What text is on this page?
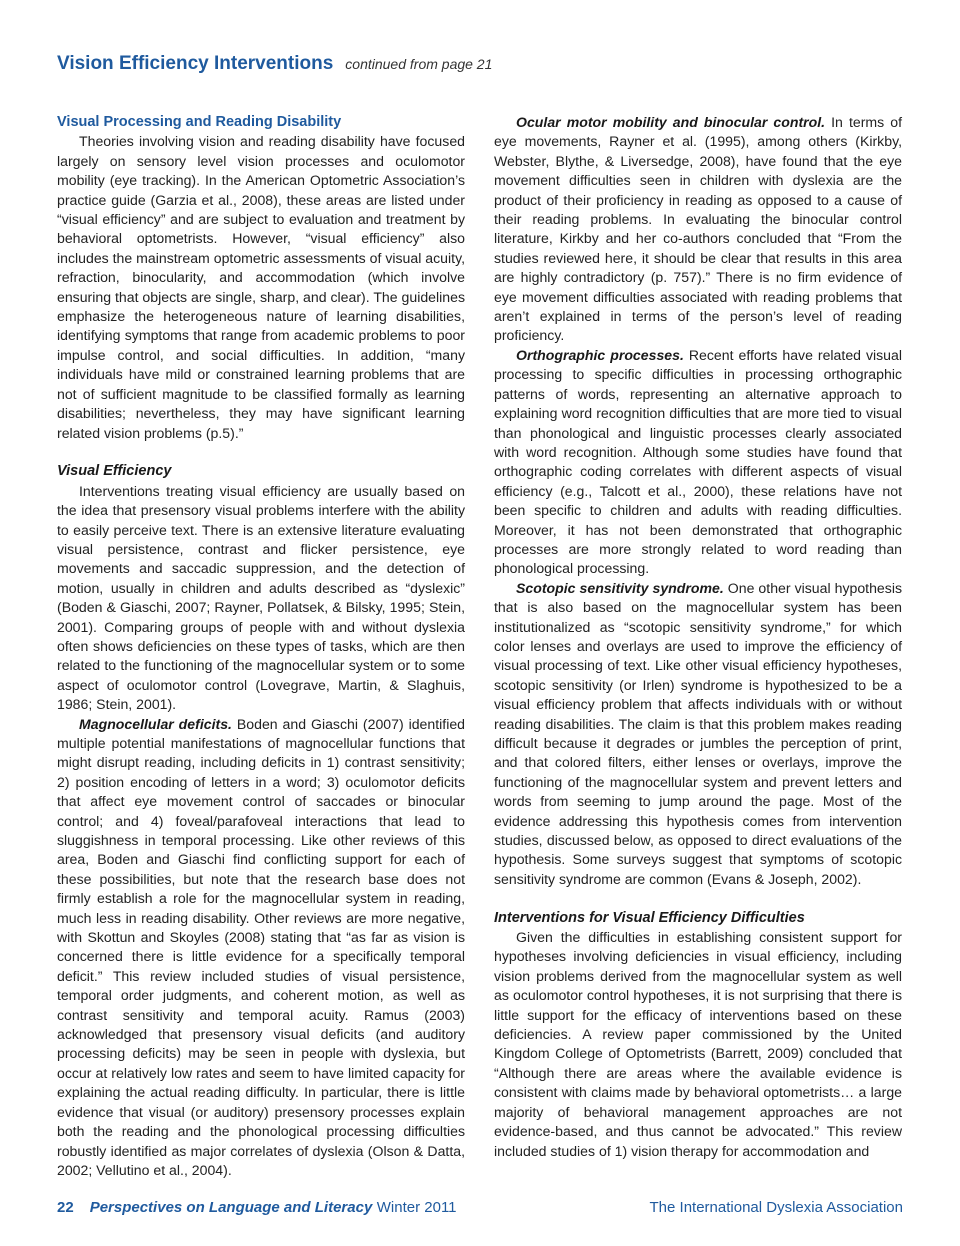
Vision Efficiency Interventions continued from page 21
Visual Processing and Reading Disability

Theories involving vision and reading disability have focused largely on sensory level vision processes and oculomotor mobility (eye tracking). In the American Optometric Association’s practice guide (Garzia et al., 2008), these areas are listed under “visual efficiency” and are subject to evaluation and treatment by behavioral optometrists. However, “visual efficiency” also includes the mainstream optometric assessments of visual acuity, refraction, binocularity, and accommodation (which involve ensuring that objects are single, sharp, and clear). The guidelines emphasize the heterogeneous nature of learning disabilities, identifying symptoms that range from academic problems to poor impulse control, and social difficulties. In addition, “many individuals have mild or constrained learning problems that are not of sufficient magnitude to be classified formally as learning disabilities; nevertheless, they may have significant learning related vision problems (p.5).”

Visual Efficiency

Interventions treating visual efficiency are usually based on the idea that presensory visual problems interfere with the ability to easily perceive text. There is an extensive literature evaluating visual persistence, contrast and flicker persistence, eye movements and saccadic suppression, and the detection of motion, usually in children and adults described as “dyslexic” (Boden & Giaschi, 2007; Rayner, Pollatsek, & Bilsky, 1995; Stein, 2001). Comparing groups of people with and without dyslexia often shows deficiencies on these types of tasks, which are then related to the functioning of the magnocellular system or to some aspect of oculomotor control (Lovegrave, Martin, & Slaghuis, 1986; Stein, 2001).

Magnocellular deficits. Boden and Giaschi (2007) identified multiple potential manifestations of magnocellular functions that might disrupt reading, including deficits in 1) contrast sensitivity; 2) position encoding of letters in a word; 3) oculomotor deficits that affect eye movement control of saccades or binocular control; and 4) foveal/parafoveal interactions that lead to sluggishness in temporal processing. Like other reviews of this area, Boden and Giaschi find conflicting support for each of these possibilities, but note that the research base does not firmly establish a role for the magnocellular system in reading, much less in reading disability. Other reviews are more negative, with Skottun and Skoyles (2008) stating that “as far as vision is concerned there is little evidence for a specifically temporal deficit.” This review included studies of visual persistence, temporal order judgments, and coherent motion, as well as contrast sensitivity and temporal acuity. Ramus (2003) acknowledged that presensory visual deficits (and auditory processing deficits) may be seen in people with dyslexia, but occur at relatively low rates and seem to have limited capacity for explaining the actual reading difficulty. In particular, there is little evidence that visual (or auditory) presensory processes explain both the reading and the phonological processing difficulties robustly identified as major correlates of dyslexia (Olson & Datta, 2002; Vellutino et al., 2004).

Ocular motor mobility and binocular control. In terms of eye movements, Rayner et al. (1995), among others (Kirkby, Webster, Blythe, & Liversedge, 2008), have found that the eye movement difficulties seen in children with dyslexia are the product of their proficiency in reading as opposed to a cause of their reading problems. In evaluating the binocular control literature, Kirkby and her co-authors concluded that “From the studies reviewed here, it should be clear that results in this area are highly contradictory (p. 757).” There is no firm evidence of eye movement difficulties associated with reading problems that aren’t explained in terms of the person’s level of reading proficiency.

Orthographic processes. Recent efforts have related visual processing to specific difficulties in processing orthographic patterns of words, representing an alternative approach to explaining word recognition difficulties that are more tied to visual than phonological and linguistic processes clearly associated with word recognition. Although some studies have found that orthographic coding correlates with different aspects of visual efficiency (e.g., Talcott et al., 2000), these relations have not been specific to children and adults with reading difficulties. Moreover, it has not been demonstrated that orthographic processes are more strongly related to word reading than phonological processing.

Scotopic sensitivity syndrome. One other visual hypothesis that is also based on the magnocellular system has been institutionalized as “scotopic sensitivity syndrome,” for which color lenses and overlays are used to improve the efficiency of visual processing of text. Like other visual efficiency hypotheses, scotopic sensitivity (or Irlen) syndrome is hypothesized to be a visual efficiency problem that affects individuals with or without reading disabilities. The claim is that this problem makes reading difficult because it degrades or jumbles the perception of print, and that colored filters, either lenses or overlays, improve the functioning of the magnocellular system and prevent letters and words from seeming to jump around the page. Most of the evidence addressing this hypothesis comes from intervention studies, discussed below, as opposed to direct evaluations of the hypothesis. Some surveys suggest that symptoms of scotopic sensitivity syndrome are common (Evans & Joseph, 2002).

Interventions for Visual Efficiency Difficulties

Given the difficulties in establishing consistent support for hypotheses involving deficiencies in visual efficiency, including vision problems derived from the magnocellular system as well as oculomotor control hypotheses, it is not surprising that there is little support for the efficacy of interventions based on these deficiencies. A review paper commissioned by the United Kingdom College of Optometrists (Barrett, 2009) concluded that “Although there are areas where the available evidence is consistent with claims made by behavioral optometrists… a large majority of behavioral management approaches are not evidence-based, and thus cannot be advocated.” This review included studies of 1) vision therapy for accommodation and

22 Perspectives on Language and Literacy Winter 2011	The International Dyslexia Association
